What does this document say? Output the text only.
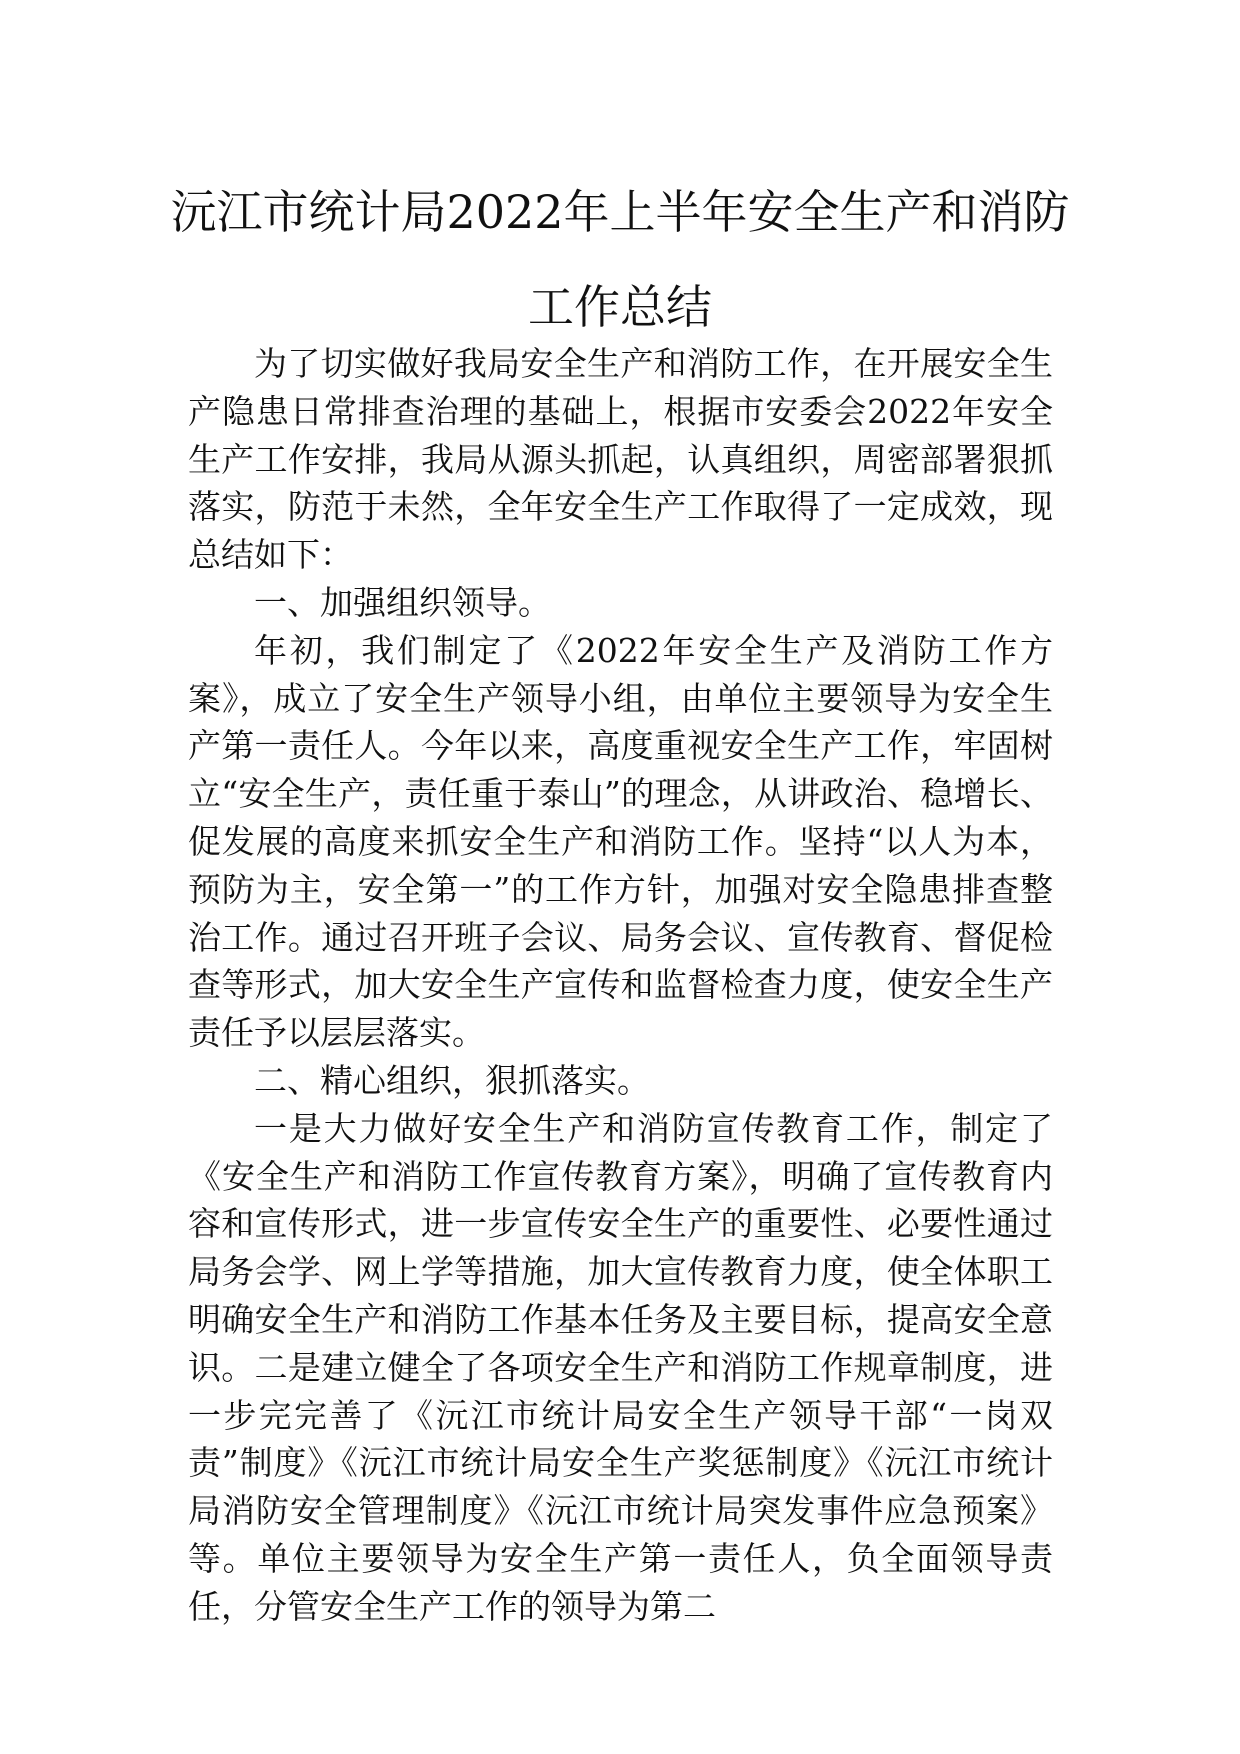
沅江市统计局2022年上半年安全生产和消防工作总结

为了切实做好我局安全生产和消防工作，在开展安全生产隐患日常排查治理的基础上，根据市安委会2022年安全生产工作安排，我局从源头抓起，认真组织，周密部署狠抓落实，防范于未然，全年安全生产工作取得了一定成效，现总结如下：

一、加强组织领导。

年初，我们制定了《2022年安全生产及消防工作方案》，成立了安全生产领导小组，由单位主要领导为安全生产第一责任人。今年以来，高度重视安全生产工作，牢固树立“安全生产，责任重于泰山”的理念，从讲政治、稳增长、促发展的高度来抓安全生产和消防工作。坚持“以人为本，预防为主，安全第一”的工作方针，加强对安全隐患排查整治工作。通过召开班子会议、局务会议、宣传教育、督促检查等形式，加大安全生产宣传和监督检查力度，使安全生产责任予以层层落实。

二、精心组织，狠抓落实。

一是大力做好安全生产和消防宣传教育工作，制定了《安全生产和消防工作宣传教育方案》，明确了宣传教育内容和宣传形式，进一步宣传安全生产的重要性、必要性通过局务会学、网上学等措施，加大宣传教育力度，使全体职工明确安全生产和消防工作基本任务及主要目标，提高安全意识。二是建立健全了各项安全生产和消防工作规章制度，进一步完完善了《沅江市统计局安全生产领导干部“一岗双责”制度》《沅江市统计局安全生产奖惩制度》《沅江市统计局消防安全管理制度》《沅江市统计局突发事件应急预案》等。单位主要领导为安全生产第一责任人，负全面领导责任，分管安全生产工作的领导为第二
